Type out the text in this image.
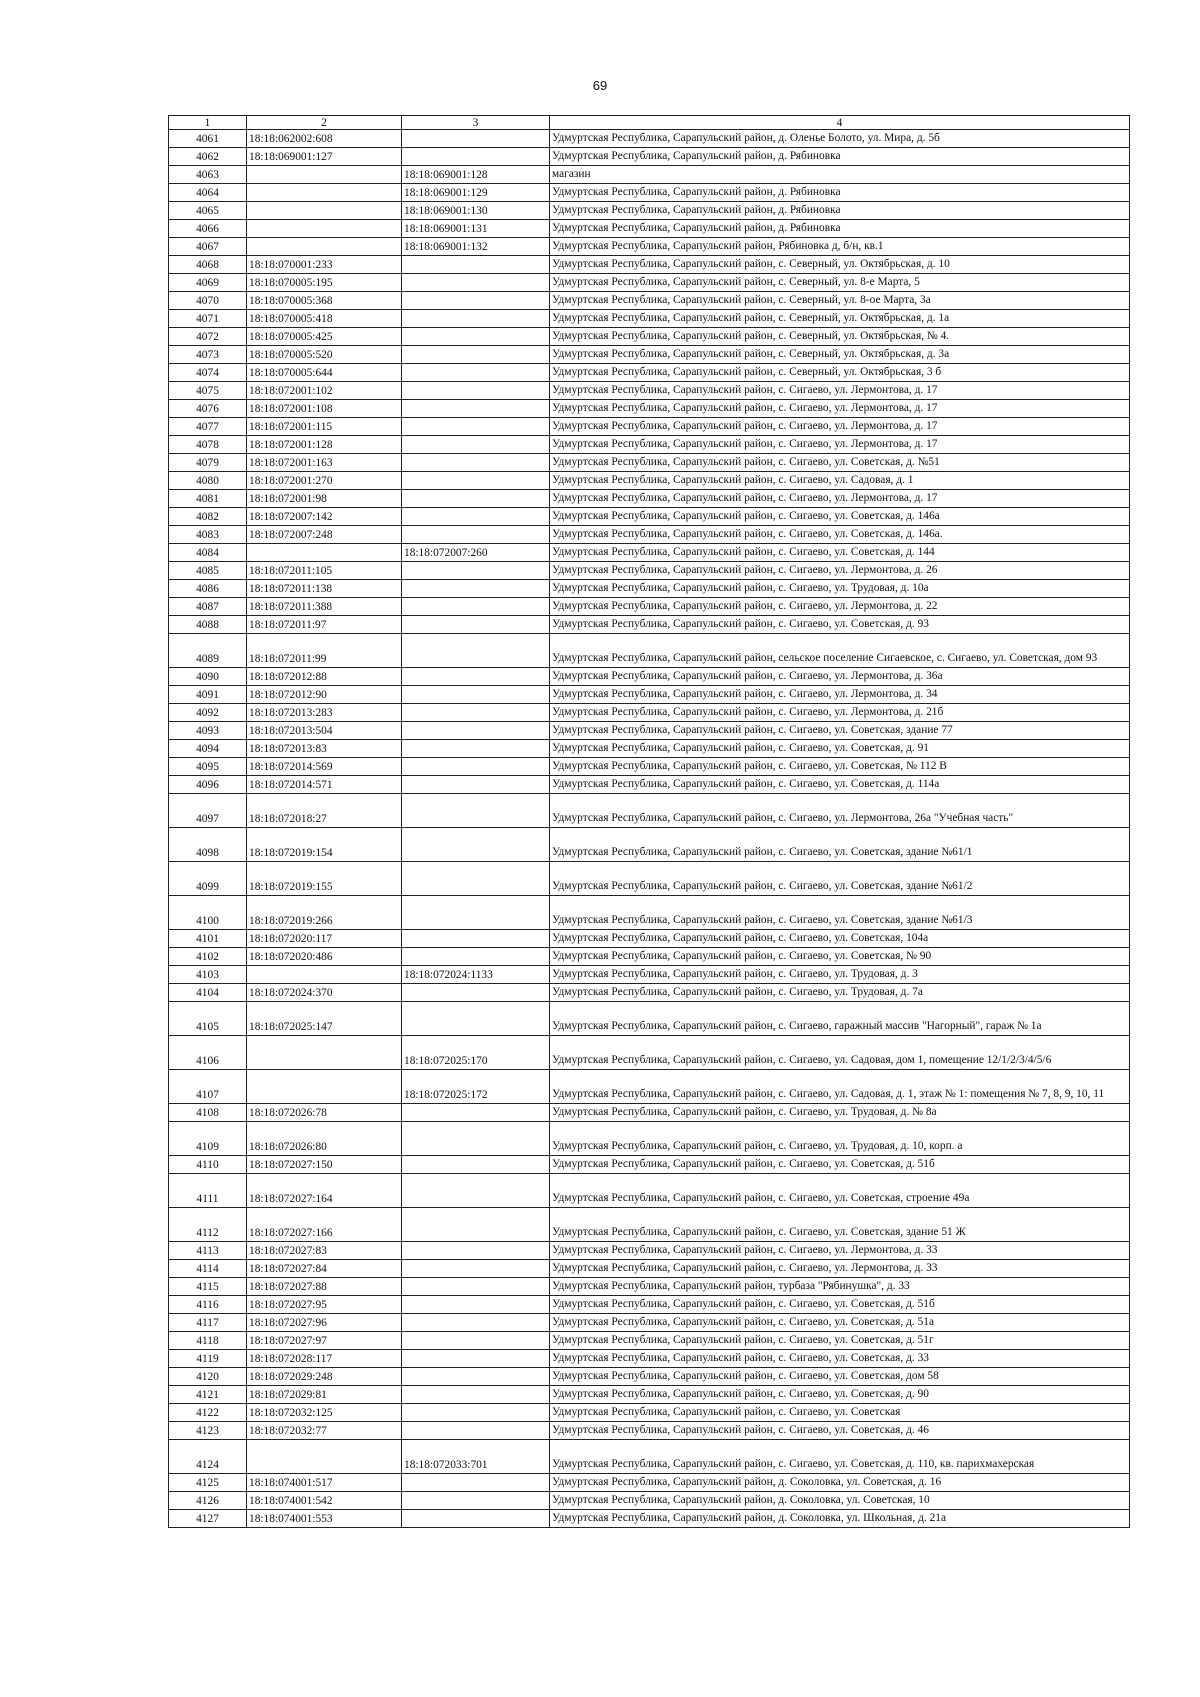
69
1	2	3	4
4061	18:18:062002:608		Удмуртская Республика, Сарапульский район, д. Оленье Болото, ул. Мира, д. 5б
4062	18:18:069001:127		Удмуртская Республика, Сарапульский район, д. Рябиновка
4063		18:18:069001:128	магазин
4064		18:18:069001:129	Удмуртская Республика, Сарапульский район, д. Рябиновка
4065		18:18:069001:130	Удмуртская Республика, Сарапульский район, д. Рябиновка
4066		18:18:069001:131	Удмуртская Республика, Сарапульский район, д. Рябиновка
4067		18:18:069001:132	Удмуртская Республика, Сарапульский район, Рябиновка д, б/н, кв.1
4068	18:18:070001:233		Удмуртская Республика, Сарапульский район, с. Северный, ул. Октябрьская, д. 10
4069	18:18:070005:195		Удмуртская Республика, Сарапульский район, с. Северный, ул. 8-е Марта, 5
4070	18:18:070005:368		Удмуртская Республика, Сарапульский район, с. Северный, ул. 8-ое Марта, 3а
4071	18:18:070005:418		Удмуртская Республика, Сарапульский район, с. Северный, ул. Октябрьская, д. 1а
4072	18:18:070005:425		Удмуртская Республика, Сарапульский район, с. Северный, ул. Октябрьская, № 4.
4073	18:18:070005:520		Удмуртская Республика, Сарапульский район, с. Северный, ул. Октябрьская, д. 3а
4074	18:18:070005:644		Удмуртская Республика, Сарапульский район, с. Северный, ул. Октябрьская, 3 б
4075	18:18:072001:102		Удмуртская Республика, Сарапульский район, с. Сигаево, ул. Лермонтова, д. 17
4076	18:18:072001:108		Удмуртская Республика, Сарапульский район, с. Сигаево, ул. Лермонтова, д. 17
4077	18:18:072001:115		Удмуртская Республика, Сарапульский район, с. Сигаево, ул. Лермонтова, д. 17
4078	18:18:072001:128		Удмуртская Республика, Сарапульский район, с. Сигаево, ул. Лермонтова, д. 17
4079	18:18:072001:163		Удмуртская Республика, Сарапульский район, с. Сигаево, ул. Советская, д. №51
4080	18:18:072001:270		Удмуртская Республика, Сарапульский район, с. Сигаево, ул. Садовая, д. 1
4081	18:18:072001:98		Удмуртская Республика, Сарапульский район, с. Сигаево, ул. Лермонтова, д. 17
4082	18:18:072007:142		Удмуртская Республика, Сарапульский район, с. Сигаево, ул. Советская, д. 146а
4083	18:18:072007:248		Удмуртская Республика, Сарапульский район, с. Сигаево, ул. Советская, д. 146а.
4084		18:18:072007:260	Удмуртская Республика, Сарапульский район, с. Сигаево, ул. Советская, д. 144
4085	18:18:072011:105		Удмуртская Республика, Сарапульский район, с. Сигаево, ул. Лермонтова, д. 26
4086	18:18:072011:138		Удмуртская Республика, Сарапульский район, с. Сигаево, ул. Трудовая, д. 10а
4087	18:18:072011:388		Удмуртская Республика, Сарапульский район, с. Сигаево, ул. Лермонтова, д. 22
4088	18:18:072011:97		Удмуртская Республика, Сарапульский район, с. Сигаево, ул. Советская, д. 93
4089	18:18:072011:99		Удмуртская Республика, Сарапульский район, сельское поселение Сигаевское, с. Сигаево, ул. Советская, дом 93
4090	18:18:072012:88		Удмуртская Республика, Сарапульский район, с. Сигаево, ул. Лермонтова, д. 36а
4091	18:18:072012:90		Удмуртская Республика, Сарапульский район, с. Сигаево, ул. Лермонтова, д. 34
4092	18:18:072013:283		Удмуртская Республика, Сарапульский район, с. Сигаево, ул. Лермонтова, д. 21б
4093	18:18:072013:504		Удмуртская Республика, Сарапульский район, с. Сигаево, ул. Советская, здание 77
4094	18:18:072013:83		Удмуртская Республика, Сарапульский район, с. Сигаево, ул. Советская, д. 91
4095	18:18:072014:569		Удмуртская Республика, Сарапульский район, с. Сигаево, ул. Советская, № 112 В
4096	18:18:072014:571		Удмуртская Республика, Сарапульский район, с. Сигаево, ул. Советская, д. 114а
4097	18:18:072018:27		Удмуртская Республика, Сарапульский район, с. Сигаево, ул. Лермонтова, 26а "Учебная часть"
4098	18:18:072019:154		Удмуртская Республика, Сарапульский район, с. Сигаево, ул. Советская, здание №61/1
4099	18:18:072019:155		Удмуртская Республика, Сарапульский район, с. Сигаево, ул. Советская, здание №61/2
4100	18:18:072019:266		Удмуртская Республика, Сарапульский район, с. Сигаево, ул. Советская, здание №61/3
4101	18:18:072020:117		Удмуртская Республика, Сарапульский район, с. Сигаево, ул. Советская, 104а
4102	18:18:072020:486		Удмуртская Республика, Сарапульский район, с. Сигаево, ул. Советская, № 90
4103		18:18:072024:1133	Удмуртская Республика, Сарапульский район, с. Сигаево, ул. Трудовая, д. 3
4104	18:18:072024:370		Удмуртская Республика, Сарапульский район, с. Сигаево, ул. Трудовая, д. 7а
4105	18:18:072025:147		Удмуртская Республика, Сарапульский район, с. Сигаево, гаражный массив "Нагорный", гараж № 1а
4106		18:18:072025:170	Удмуртская Республика, Сарапульский район, с. Сигаево, ул. Садовая, дом 1, помещение 12/1/2/3/4/5/6
4107		18:18:072025:172	Удмуртская Республика, Сарапульский район, с. Сигаево, ул. Садовая, д. 1, этаж № 1: помещения № 7, 8, 9, 10, 11
4108	18:18:072026:78		Удмуртская Республика, Сарапульский район, с. Сигаево, ул. Трудовая, д. № 8а
4109	18:18:072026:80		Удмуртская Республика, Сарапульский район, с. Сигаево, ул. Трудовая, д. 10, корп. а
4110	18:18:072027:150		Удмуртская Республика, Сарапульский район, с. Сигаево, ул. Советская, д. 51б
4111	18:18:072027:164		Удмуртская Республика, Сарапульский район, с. Сигаево, ул. Советская, строение 49а
4112	18:18:072027:166		Удмуртская Республика, Сарапульский район, с. Сигаево, ул. Советская, здание 51 Ж
4113	18:18:072027:83		Удмуртская Республика, Сарапульский район, с. Сигаево, ул. Лермонтова, д. 33
4114	18:18:072027:84		Удмуртская Республика, Сарапульский район, с. Сигаево, ул. Лермонтова, д. 33
4115	18:18:072027:88		Удмуртская Республика, Сарапульский район, турбаза "Рябинушка", д. 33
4116	18:18:072027:95		Удмуртская Республика, Сарапульский район, с. Сигаево, ул. Советская, д. 51б
4117	18:18:072027:96		Удмуртская Республика, Сарапульский район, с. Сигаево, ул. Советская, д. 51а
4118	18:18:072027:97		Удмуртская Республика, Сарапульский район, с. Сигаево, ул. Советская, д. 51г
4119	18:18:072028:117		Удмуртская Республика, Сарапульский район, с. Сигаево, ул. Советская, д. 33
4120	18:18:072029:248		Удмуртская Республика, Сарапульский район, с. Сигаево, ул. Советская, дом 58
4121	18:18:072029:81		Удмуртская Республика, Сарапульский район, с. Сигаево, ул. Советская, д. 90
4122	18:18:072032:125		Удмуртская Республика, Сарапульский район, с. Сигаево, ул. Советская
4123	18:18:072032:77		Удмуртская Республика, Сарапульский район, с. Сигаево, ул. Советская, д. 46
4124		18:18:072033:701	Удмуртская Республика, Сарапульский район, с. Сигаево, ул. Советская, д. 110, кв. парихмахерская
4125	18:18:074001:517		Удмуртская Республика, Сарапульский район, д. Соколовка, ул. Советская, д. 16
4126	18:18:074001:542		Удмуртская Республика, Сарапульский район, д. Соколовка, ул. Советская, 10
4127	18:18:074001:553		Удмуртская Республика, Сарапульский район, д. Соколовка, ул. Школьная, д. 21а
